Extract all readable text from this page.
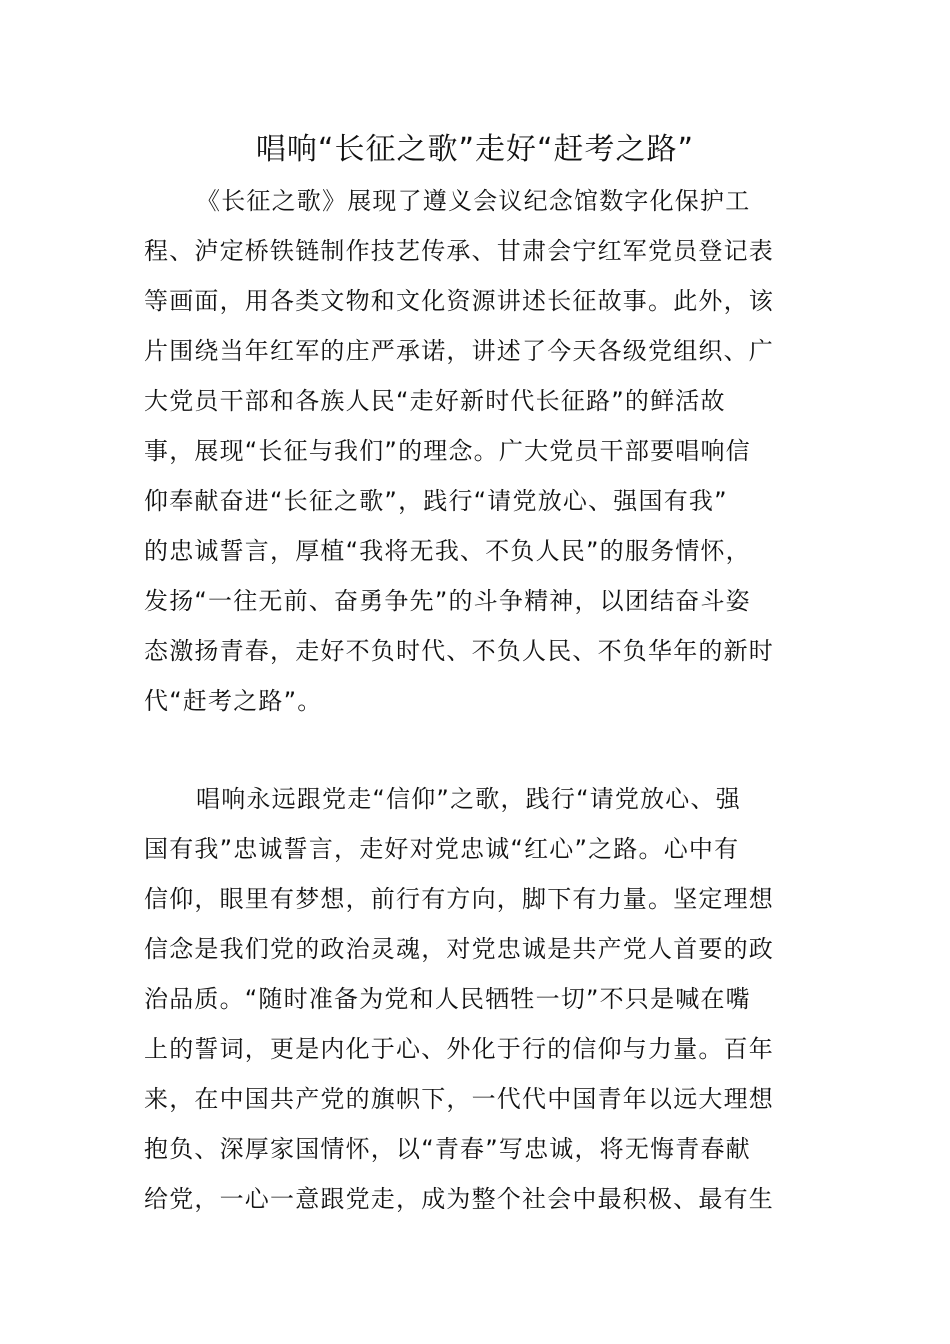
唱响“长征之歌”走好“赶考之路”
《长征之歌》展现了遵义会议纪念馆数字化保护工
程、泸定桥铁链制作技艺传承、甘肃会宁红军党员登记表
等画面，用各类文物和文化资源讲述长征故事。此外，该
片围绕当年红军的庄严承诺，讲述了今天各级党组织、广
大党员干部和各族人民“走好新时代长征路”的鲜活故
事，展现“长征与我们”的理念。广大党员干部要唱响信
仰奉献奋进“长征之歌”，践行“请党放心、强国有我”
的忠诚誓言，厚植“我将无我、不负人民”的服务情怀，
发扬“一往无前、奋勇争先”的斗争精神，以团结奋斗姿
态激扬青春，走好不负时代、不负人民、不负华年的新时
代“赶考之路”。
唱响永远跟党走“信仰”之歌，践行“请党放心、强
国有我”忠诚誓言，走好对党忠诚“红心”之路。心中有
信仰，眼里有梦想，前行有方向，脚下有力量。坚定理想
信念是我们党的政治灵魂，对党忠诚是共产党人首要的政
治品质。“随时准备为党和人民牺牲一切”不只是喊在嘴
上的誓词，更是内化于心、外化于行的信仰与力量。百年
来，在中国共产党的旗帜下，一代代中国青年以远大理想
抱负、深厚家国情怀，以“青春”写忠诚，将无悔青春献
给党，一心一意跟党走，成为整个社会中最积极、最有生
